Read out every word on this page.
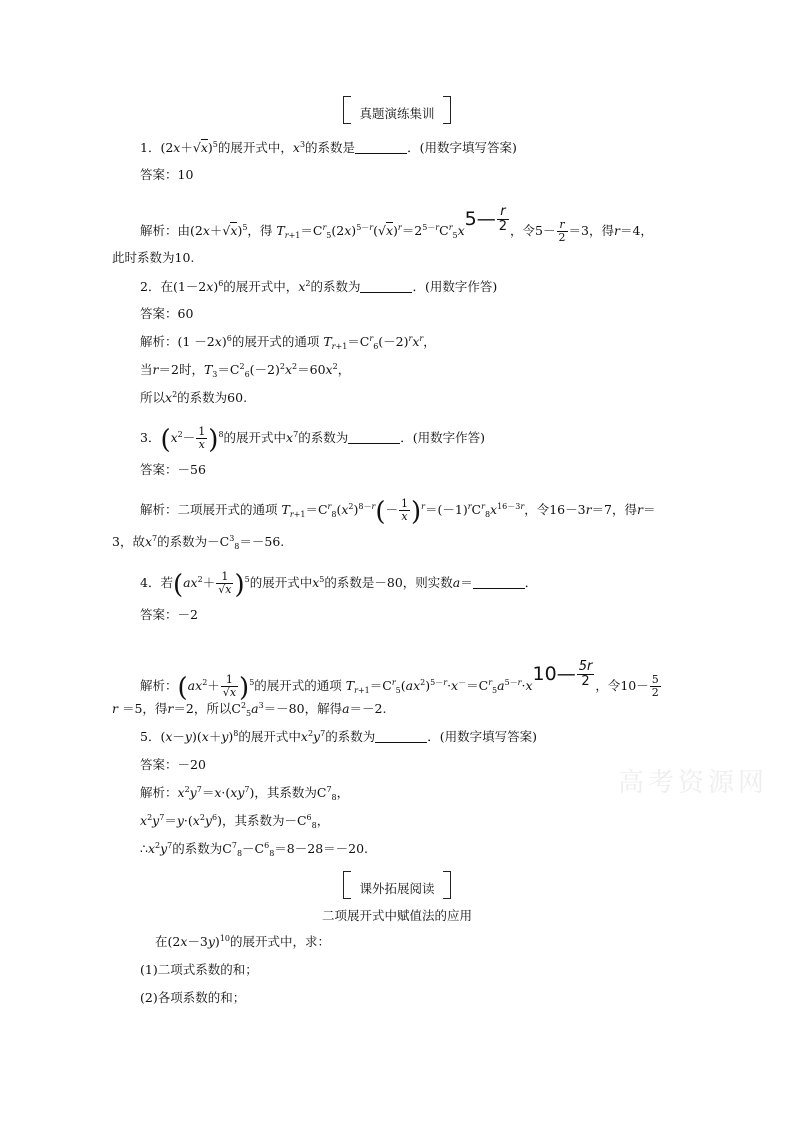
高考资源网
真题演练集训
1．$(2x+√x)^5$的展开式中，$x^3$的系数是	．(用数字填写答案)
答案：10
解析：由$(2x+√x)^5$，得 $T_{r+1}=C^r_5(2x)^{5-r}(√x)^r=2^{5-r}C^r_5x5— \frac{r}{2}$ ，令$5- \frac{r}{2} =3$，得r＝4，
此时系数为10.
2．在$(1-2x)^6$的展开式中，$x^2$的系数为	．(用数字作答)
答案：60
解析：$(1 -2x)^6$的展开式的通项 $T_{r+1}=C^r_6(-2)^rx^r$，
当r＝2时，$T_3=C^2_6(-2)^2x^2=60x^2$，
所以$x^2$的系数为60.
3．$(x^2- \frac{1}{x} )^8$的展开式中$x^7$的系数为	．(用数字作答)
答案：－56
解析：二项展开式的通项 $T_{r+1}=C^r_8(x^2)^{8-r}(- \frac{1}{x} )^r=(-1)^rC^r_8x^{16-3r}$，令16－3r＝7，得r＝
3，故$x^7$的系数为$-C^3_8=-56$.
4．若$(ax^2+ \frac{1}{√x} )^5$的展开式中$x^5$的系数是－80，则实数a＝	．
答案：－2
解析：$(ax^2+ \frac{1}{√x} )^5$的展开式的通项 $T_{r+1}=C^r_5(ax^2)^{5-r}\cdot x^-=C^r_5a^{5-r}\cdot x10— \frac{5r}{2}$ ，令$10- \frac{5}{2}$
r ＝5，得r＝2，所以$C^2_5a^3=-80$，解得a＝－2.
5．$(x-y)(x+y)^8$的展开式中$x^2y^7$的系数为	．(用数字填写答案)
答案：－20
解析：$x^2y^7=x\cdot(xy^7)$，其系数为$C^7_8$，
$x^2y^7=y\cdot(x^2y^6)$，其系数为$-C^6_8$，
$\therefore x^2y^7$的系数为$C^7_8-C^6_8=8-28=-20$.
课外拓展阅读
二项展开式中赋值法的应用
在$(2x-3y)^{10}$的展开式中，求：
(1)二项式系数的和；
(2)各项系数的和；
